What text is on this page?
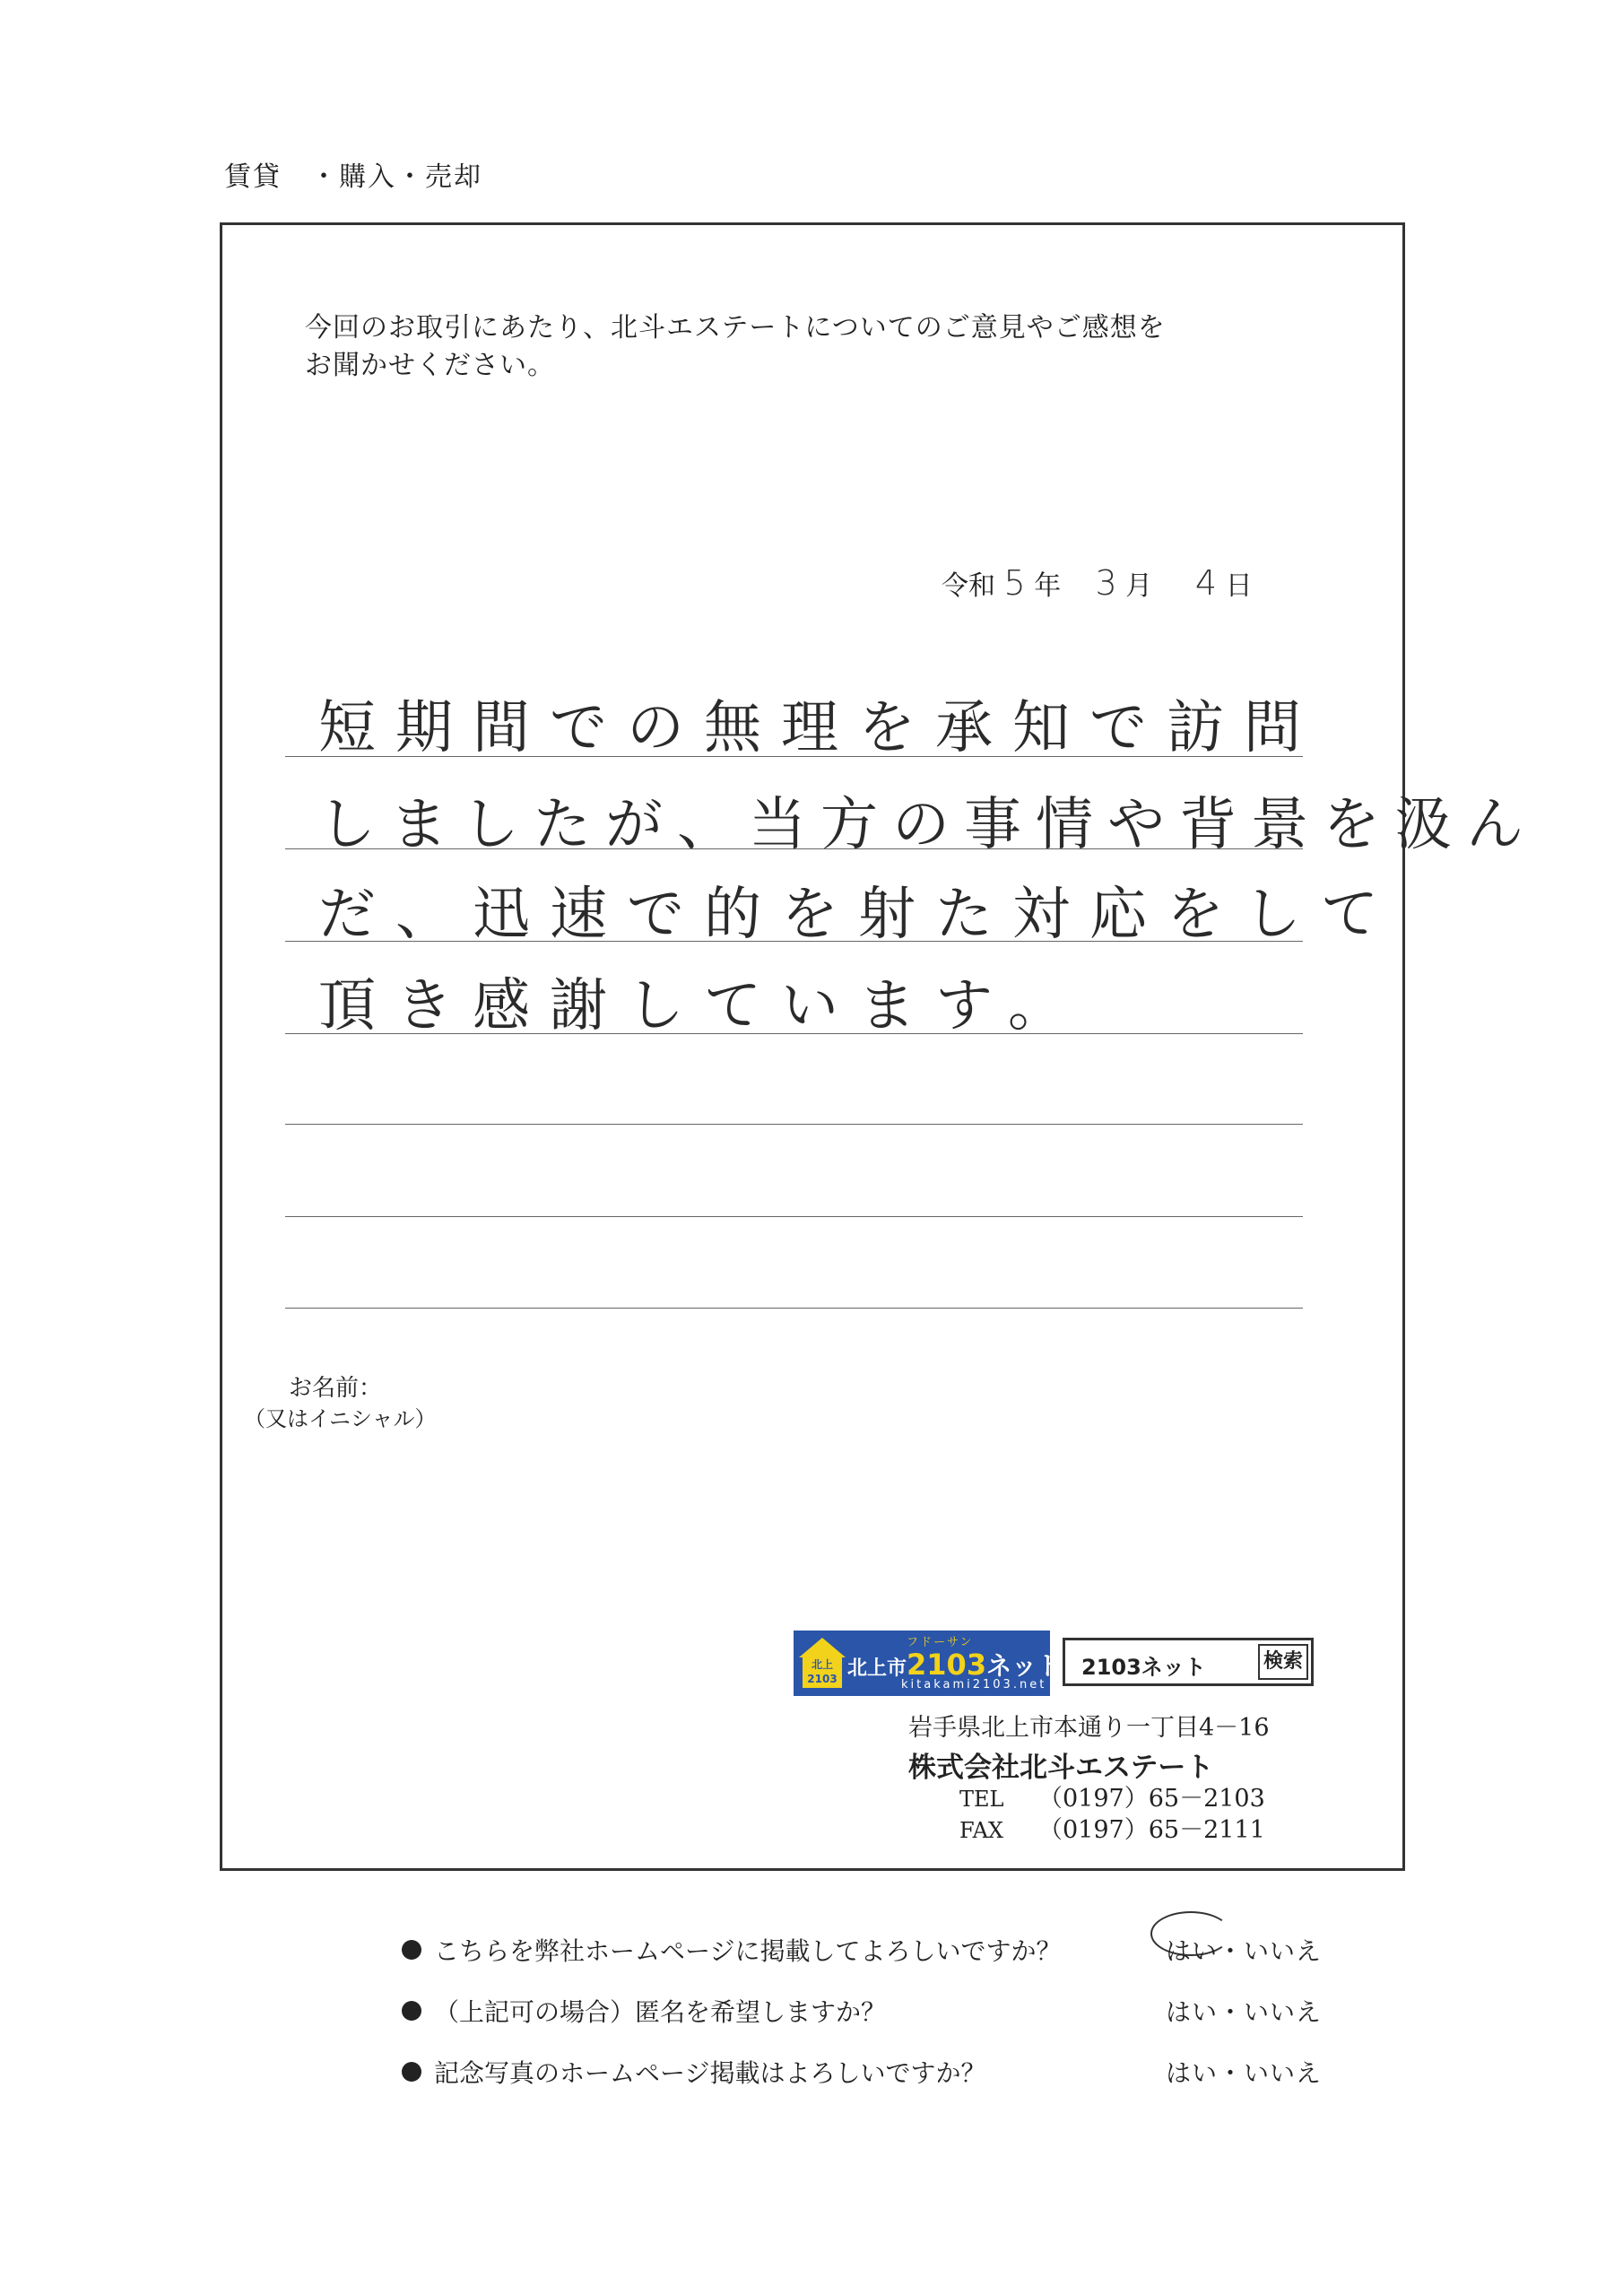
賃貸　・購入・売却
今回のお取引にあたり、北斗エステートについてのご意見やご感想を
お聞かせください。
令和 5 年 3 月 4 日
短期間での無理を承知で訪問
しましたが、当方の事情や背景を汲ん
だ、迅速で的を射た対応をして
頂き感謝しています。
お名前：
（又はイニシャル）
北上
2103
フドーサン
北上市2103ネット
kitakami2103.net
2103ネット	検索
岩手県北上市本通り一丁目4－16
株式会社北斗エステート
TEL （0197）65－2103
FAX （0197）65－2111
こちらを弊社ホームページに掲載してよろしいですか？	はい・いいえ
（上記可の場合）匿名を希望しますか？	はい・いいえ
記念写真のホームページ掲載はよろしいですか？	はい・いいえ
